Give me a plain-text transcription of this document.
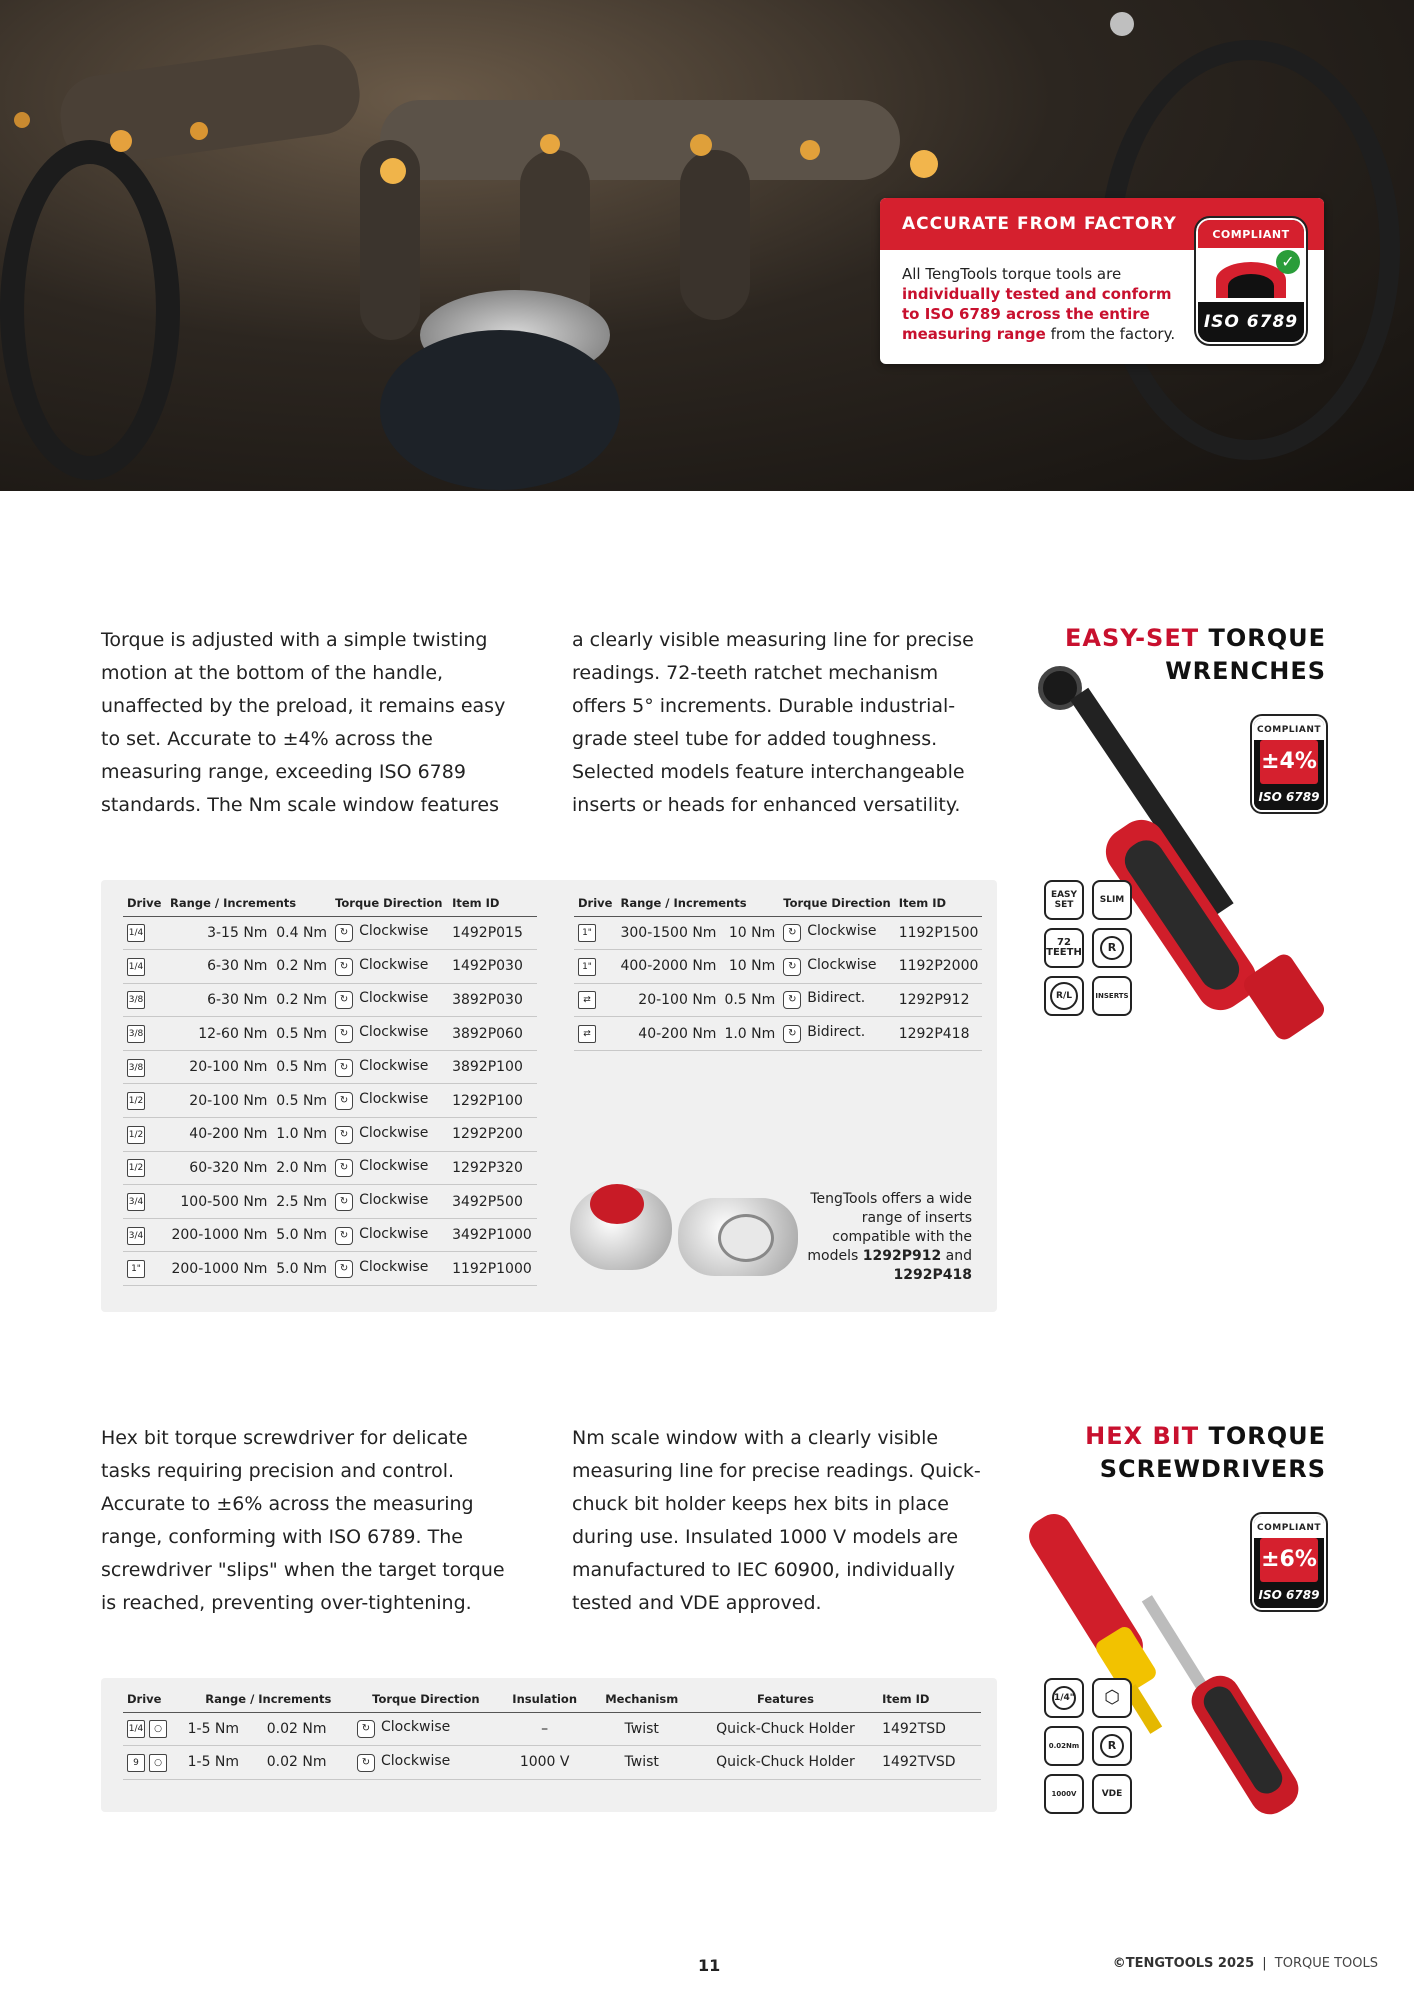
ACCURATE FROM FACTORY
All TengTools torque tools are individually tested and conform to ISO 6789 across the entire measuring range from the factory.
COMPLIANT
✓
ISO 6789
Torque is adjusted with a simple twisting motion at the bottom of the handle, unaffected by the preload, it remains easy to set. Accurate to ±4% across the measuring range, exceeding ISO 6789 standards. The Nm scale window features
a clearly visible measuring line for precise readings. 72-teeth ratchet mechanism offers 5° increments. Durable industrial-grade steel tube for added toughness. Selected models feature interchangeable inserts or heads for enhanced versatility.
EASY-SET TORQUE
WRENCHES
COMPLIANT
±4%
ISO 6789
EASY SET	SLIM
72 TEETH	R
R/L	INSERTS
Drive	Range / Increments		Torque Direction	Item ID
1/4	3-15 Nm	0.4 Nm	↻ Clockwise	1492P015
1/4	6-30 Nm	0.2 Nm	↻ Clockwise	1492P030
3/8	6-30 Nm	0.2 Nm	↻ Clockwise	3892P030
3/8	12-60 Nm	0.5 Nm	↻ Clockwise	3892P060
3/8	20-100 Nm	0.5 Nm	↻ Clockwise	3892P100
1/2	20-100 Nm	0.5 Nm	↻ Clockwise	1292P100
1/2	40-200 Nm	1.0 Nm	↻ Clockwise	1292P200
1/2	60-320 Nm	2.0 Nm	↻ Clockwise	1292P320
3/4	100-500 Nm	2.5 Nm	↻ Clockwise	3492P500
3/4	200-1000 Nm	5.0 Nm	↻ Clockwise	3492P1000
1"	200-1000 Nm	5.0 Nm	↻ Clockwise	1192P1000
Drive	Range / Increments		Torque Direction	Item ID
1"	300-1500 Nm	10 Nm	↻ Clockwise	1192P1500
1"	400-2000 Nm	10 Nm	↻ Clockwise	1192P2000
⇄	20-100 Nm	0.5 Nm	↻ Bidirect.	1292P912
⇄	40-200 Nm	1.0 Nm	↻ Bidirect.	1292P418
TengTools offers a wide range of inserts compatible with the models 1292P912 and 1292P418
Hex bit torque screwdriver for delicate tasks requiring precision and control. Accurate to ±6% across the measuring range, conforming with ISO 6789. The screwdriver "slips" when the target torque is reached, preventing over-tightening.
Nm scale window with a clearly visible measuring line for precise readings. Quick-chuck bit holder keeps hex bits in place during use. Insulated 1000 V models are manufactured to IEC 60900, individually tested and VDE approved.
HEX BIT TORQUE
SCREWDRIVERS
COMPLIANT
±6%
ISO 6789
1/4" ⬡
0.02Nm	R
1000V	VDE
Drive	Range / Increments		Torque Direction	Insulation	Mechanism	Features	Item ID
1/4 ○	1-5 Nm	0.02 Nm	↻ Clockwise	–	Twist	Quick-Chuck Holder	1492TSD
9 ○	1-5 Nm	0.02 Nm	↻ Clockwise	1000 V	Twist	Quick-Chuck Holder	1492TVSD
11	©TENGTOOLS 2025 | TORQUE TOOLS
